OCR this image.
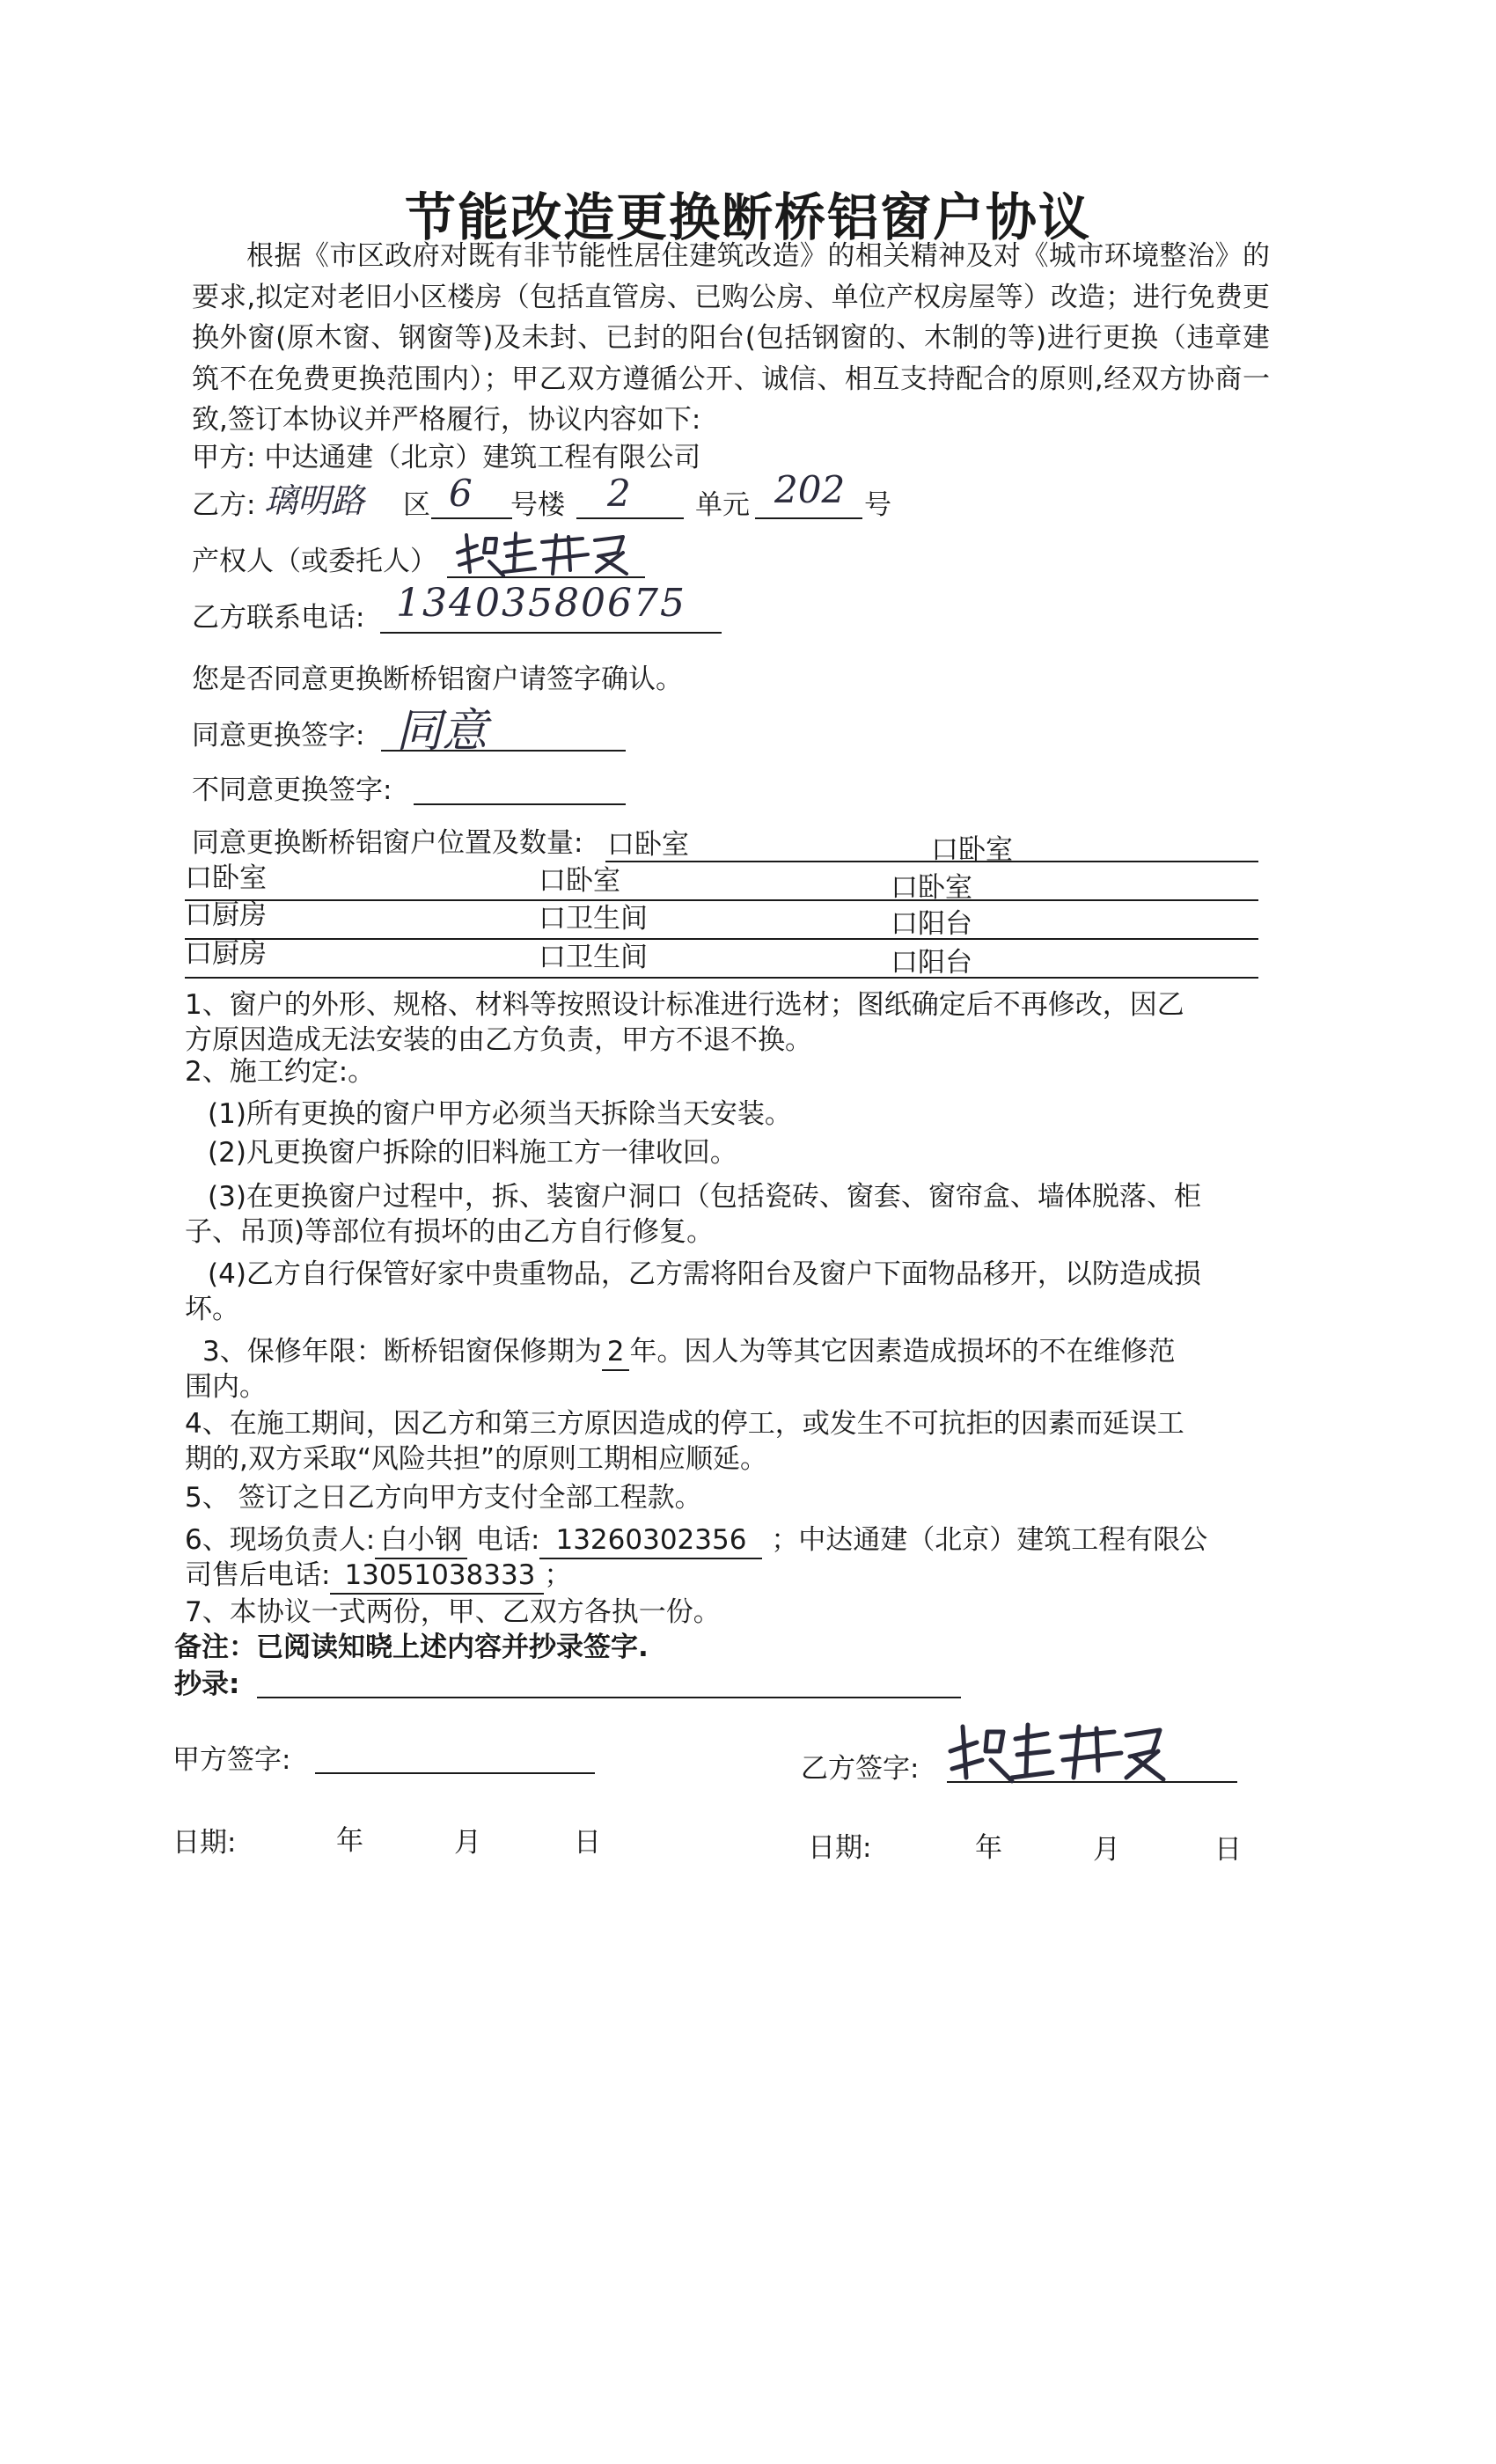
节能改造更换断桥铝窗户协议

根据《市区政府对既有非节能性居住建筑改造》的相关精神及对《城市环境整治》的要求,拟定对老旧小区楼房（包括直管房、已购公房、单位产权房屋等）改造；进行免费更换外窗(原木窗、钢窗等)及未封、已封的阳台(包括钢窗的、木制的等)进行更换（违章建筑不在免费更换范围内）；甲乙双方遵循公开、诚信、相互支持配合的原则,经双方协商一致,签订本协议并严格履行，协议内容如下:

甲方: 中达通建（北京）建筑工程有限公司
乙方: 璃明路 区 6 号楼 2 单元 202 号
产权人（或委托人）
乙方联系电话: 13403580675
您是否同意更换断桥铝窗户请签字确认。
同意更换签字: 同意
不同意更换签字:
同意更换断桥铝窗户位置及数量: 口卧室	口卧室
口卧室	口卧室	口卧室
口厨房	口卫生间	口阳台
口厨房	口卫生间	口阳台
1、窗户的外形、规格、材料等按照设计标准进行选材；图纸确定后不再修改，因乙
方原因造成无法安装的由乙方负责，甲方不退不换。
2、施工约定:。
(1)所有更换的窗户甲方必须当天拆除当天安装。
(2)凡更换窗户拆除的旧料施工方一律收回。
(3)在更换窗户过程中，拆、装窗户洞口（包括瓷砖、窗套、窗帘盒、墙体脱落、柜
子、吊顶)等部位有损坏的由乙方自行修复。
(4)乙方自行保管好家中贵重物品，乙方需将阳台及窗户下面物品移开，以防造成损
坏。
3、保修年限：断桥铝窗保修期为 2 年。因人为等其它因素造成损坏的不在维修范
围内。
4、在施工期间，因乙方和第三方原因造成的停工，或发生不可抗拒的因素而延误工
期的,双方采取“风险共担”的原则工期相应顺延。
5、 签订之日乙方向甲方支付全部工程款。
6、现场负责人: 白小钢 电话: 13260302356 ；中达通建（北京）建筑工程有限公
司售后电话: 13051038333 ；
7、本协议一式两份，甲、乙双方各执一份。
备注：已阅读知晓上述内容并抄录签字.
抄录:
甲方签字:	乙方签字:
日期:	年	月	日	日期:	年	月	日
